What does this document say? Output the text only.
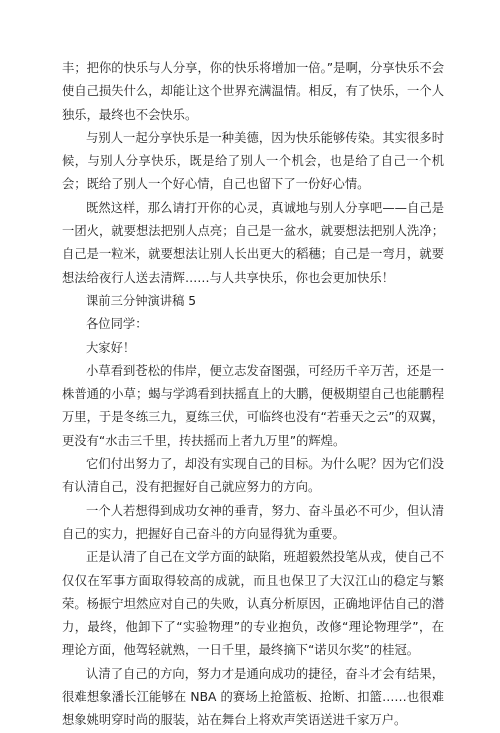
丰；把你的快乐与人分享，你的快乐将增加一倍。”是啊，分享快乐不会使自己损失什么，却能让这个世界充满温情。相反，有了快乐，一个人独乐，最终也不会快乐。

与别人一起分享快乐是一种美德，因为快乐能够传染。其实很多时候，与别人分享快乐，既是给了别人一个机会，也是给了自己一个机会；既给了别人一个好心情，自己也留下了一份好心情。

既然这样，那么请打开你的心灵，真诚地与别人分享吧——自己是一团火，就要想法把别人点亮；自己是一盆水，就要想法把别人洗净；自己是一粒米，就要想法让别人长出更大的稻穗；自己是一弯月，就要想法给夜行人送去清辉……与人共享快乐，你也会更加快乐！

课前三分钟演讲稿 5

各位同学：

大家好！

小草看到苍松的伟岸，便立志发奋图强，可经历千辛万苦，还是一株普通的小草；蝎与学鸿看到扶摇直上的大鹏，便极期望自己也能鹏程万里，于是冬练三九，夏练三伏，可临终也没有“若垂天之云”的双翼，更没有“水击三千里，抟扶摇而上者九万里”的辉煌。

它们付出努力了，却没有实现自己的目标。为什么呢？因为它们没有认清自己，没有把握好自己就应努力的方向。

一个人若想得到成功女神的垂青，努力、奋斗虽必不可少，但认清自己的实力，把握好自己奋斗的方向显得犹为重要。

正是认清了自己在文学方面的缺陷，班超毅然投笔从戎，使自己不仅仅在军事方面取得较高的成就，而且也保卫了大汉江山的稳定与繁荣。杨振宁坦然应对自己的失败，认真分析原因，正确地评估自己的潜力，最终，他卸下了“实验物理”的专业抱负，改修“理论物理学”，在理论方面，他驾轻就熟，一日千里，最终摘下“诺贝尔奖”的桂冠。

认清了自己的方向，努力才是通向成功的捷径，奋斗才会有结果，很难想象潘长江能够在 NBA 的赛场上抢篮板、抢断、扣篮……也很难想象姚明穿时尚的服装，站在舞台上将欢声笑语送进千家万户。
